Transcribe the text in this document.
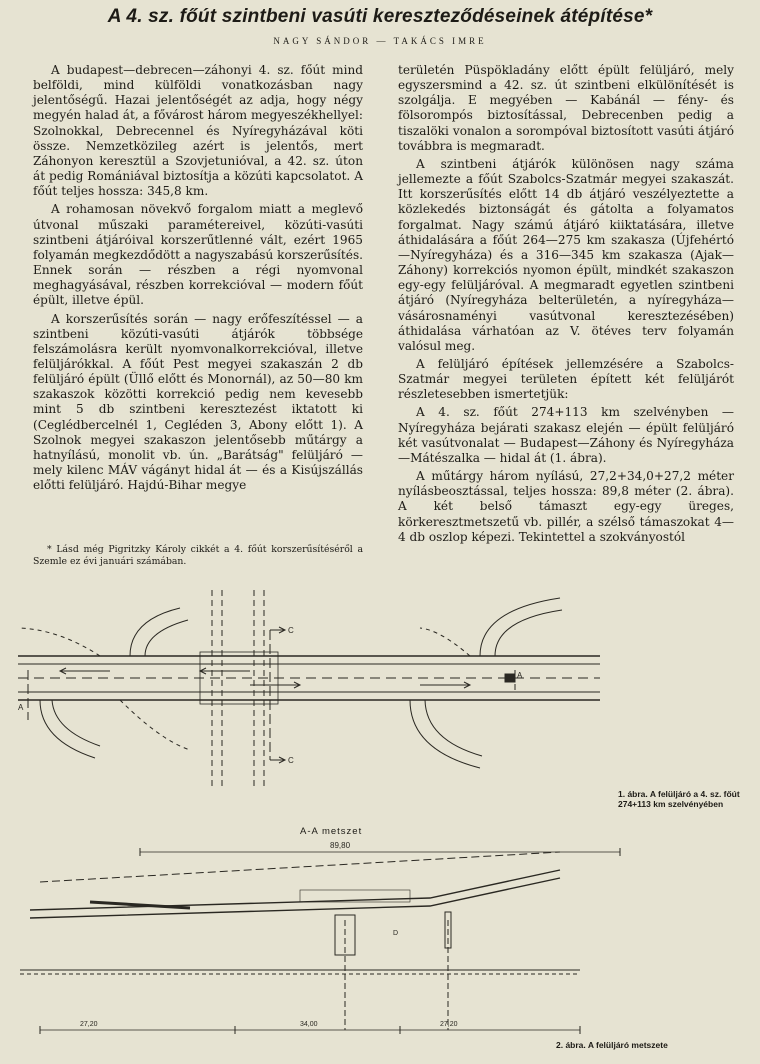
A 4. sz. főút szintbeni vasúti kereszteződéseinek átépítése*
NAGY SÁNDOR — TAKÁCS IMRE

A budapest—debrecen—záhonyi 4. sz. főút mind belföldi, mind külföldi vonatkozásban nagy jelentőségű. Hazai jelentőségét az adja, hogy négy megyén halad át, a fővárost három megyeszékhellyel: Szolnokkal, Debrecennel és Nyíregyházával köti össze. Nemzetközileg azért is jelentős, mert Záhonyon keresztül a Szovjetunióval, a 42. sz. úton át pedig Romániával biztosítja a közúti kapcsolatot. A főút teljes hossza: 345,8 km.

A rohamosan növekvő forgalom miatt a meglevő útvonal műszaki paramétereivel, közúti-vasúti szintbeni átjáróival korszerűtlenné vált, ezért 1965 folyamán megkezdődött a nagyszabású korszerűsítés. Ennek során — részben a régi nyomvonal meghagyásával, részben korrekcióval — modern főút épült, illetve épül.

A korszerűsítés során — nagy erőfeszítéssel — a szintbeni közúti-vasúti átjárók többsége felszámolásra került nyomvonalkorrekcióval, illetve felüljárókkal. A főút Pest megyei szakaszán 2 db felüljáró épült (Üllő előtt és Monornál), az 50—80 km szakaszok közötti korrekció pedig nem kevesebb mint 5 db szintbeni keresztezést iktatott ki (Ceglédbercelnél 1, Cegléden 3, Abony előtt 1). A Szolnok megyei szakaszon jelentősebb műtárgy a hatnyílású, monolit vb. ún. „Barátság" felüljáró — mely kilenc MÁV vágányt hidal át — és a Kisújszállás előtti felüljáró. Hajdú-Bihar megye

* Lásd még Pigritzky Károly cikkét a 4. főút korszerűsítéséről a Szemle ez évi januári számában.

területén Püspökladány előtt épült felüljáró, mely egyszersmind a 42. sz. út szintbeni elkülönítését is szolgálja. E megyében — Kabánál — fény- és fölsorompós biztosítással, Debrecenben pedig a tiszalöki vonalon a sorompóval biztosított vasúti átjáró továbbra is megmaradt.

A szintbeni átjárók különösen nagy száma jellemezte a főút Szabolcs-Szatmár megyei szakaszát. Itt korszerűsítés előtt 14 db átjáró veszélyeztette a közlekedés biztonságát és gátolta a folyamatos forgalmat. Nagy számú átjáró kiiktatására, illetve áthidalására a főút 264—275 km szakasza (Újfehértó—Nyíregyháza) és a 316—345 km szakasza (Ajak—Záhony) korrekciós nyomon épült, mindkét szakaszon egy-egy felüljáróval. A megmaradt egyetlen szintbeni átjáró (Nyíregyháza belterületén, a nyíregyháza—vásárosnaményi vasútvonal keresztezésében) áthidalása várhatóan az V. ötéves terv folyamán valósul meg.

A felüljáró építések jellemzésére a Szabolcs-Szatmár megyei területen épített két felüljárót részletesebben ismertetjük:

A 4. sz. főút 274+113 km szelvényben — Nyíregyháza bejárati szakasz elején — épült felüljáró két vasútvonalat — Budapest—Záhony és Nyíregyháza—Mátészalka — hidal át (1. ábra).

A műtárgy három nyílású, 27,2+34,0+27,2 méter nyílásbeosztással, teljes hossza: 89,8 méter (2. ábra). A két belső támaszt egy-egy üreges, körkeresztmetszetű vb. pillér, a szélső támaszokat 4—4 db oszlop képezi. Tekintettel a szokványostól

C
C
A
A
89,80
27,20	34,00	27,20
D
A-A metszet
1. ábra. A felüljáró a 4. sz. főút 274+113 km szelvényében
2. ábra. A felüljáró metszete
